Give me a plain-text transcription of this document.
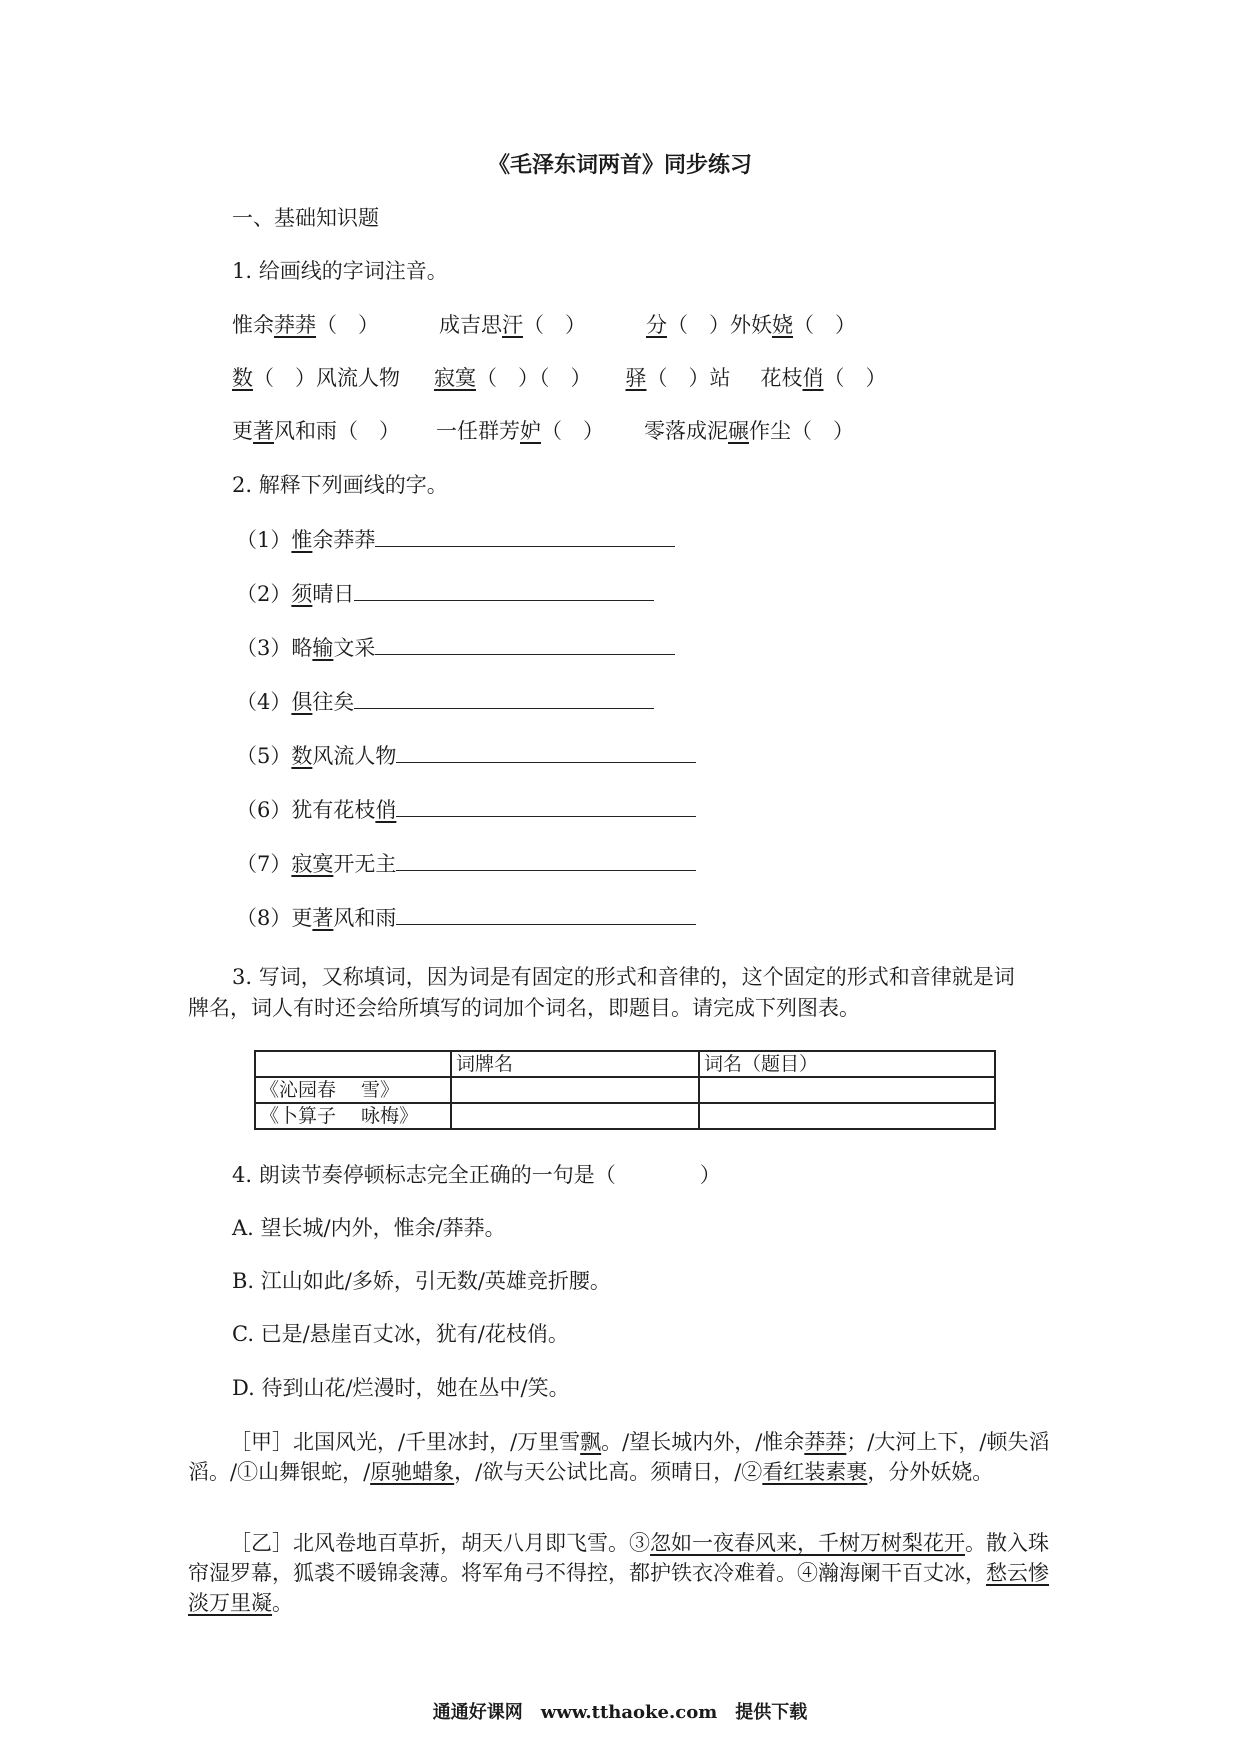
《毛泽东词两首》同步练习
一、基础知识题
1. 给画线的字词注音。
惟余莽莽（　）	成吉思汗（　）	分（　）外妖娆（　）
数（　）风流人物 寂寞（　）（　） 驿（　）站 花枝俏（　）
更著风和雨（　） 一任群芳妒（　） 零落成泥碾作尘（　）
2. 解释下列画线的字。
（1）惟余莽莽
（2）须晴日
（3）略输文采
（4）俱往矣
（5）数风流人物
（6）犹有花枝俏
（7）寂寞开无主
（8）更著风和雨
3. 写词，又称填词，因为词是有固定的形式和音律的，这个固定的形式和音律就是词
牌名，词人有时还会给所填写的词加个词名，即题目。请完成下列图表。
	词牌名	词名（题目）
《沁园春　 雪》		
《卜算子　 咏梅》		
4. 朗读节奏停顿标志完全正确的一句是（　　　　）
A. 望长城/内外，惟余/莽莽。
B. 江山如此/多娇，引无数/英雄竞折腰。
C. 已是/悬崖百丈冰，犹有/花枝俏。
D. 待到山花/烂漫时，她在丛中/笑。
［甲］北国风光，/千里冰封，/万里雪飘。/望长城内外，/惟余莽莽；/大河上下，/顿失滔滔。/①山舞银蛇，/原驰蜡象，/欲与天公试比高。须晴日，/②看红装素裹，分外妖娆。
［乙］北风卷地百草折，胡天八月即飞雪。③忽如一夜春风来，千树万树梨花开。散入珠帘湿罗幕，狐裘不暖锦衾薄。将军角弓不得控，都护铁衣冷难着。④瀚海阑干百丈冰，愁云惨淡万里凝。
通通好课网　www.tthaoke.com　提供下载
